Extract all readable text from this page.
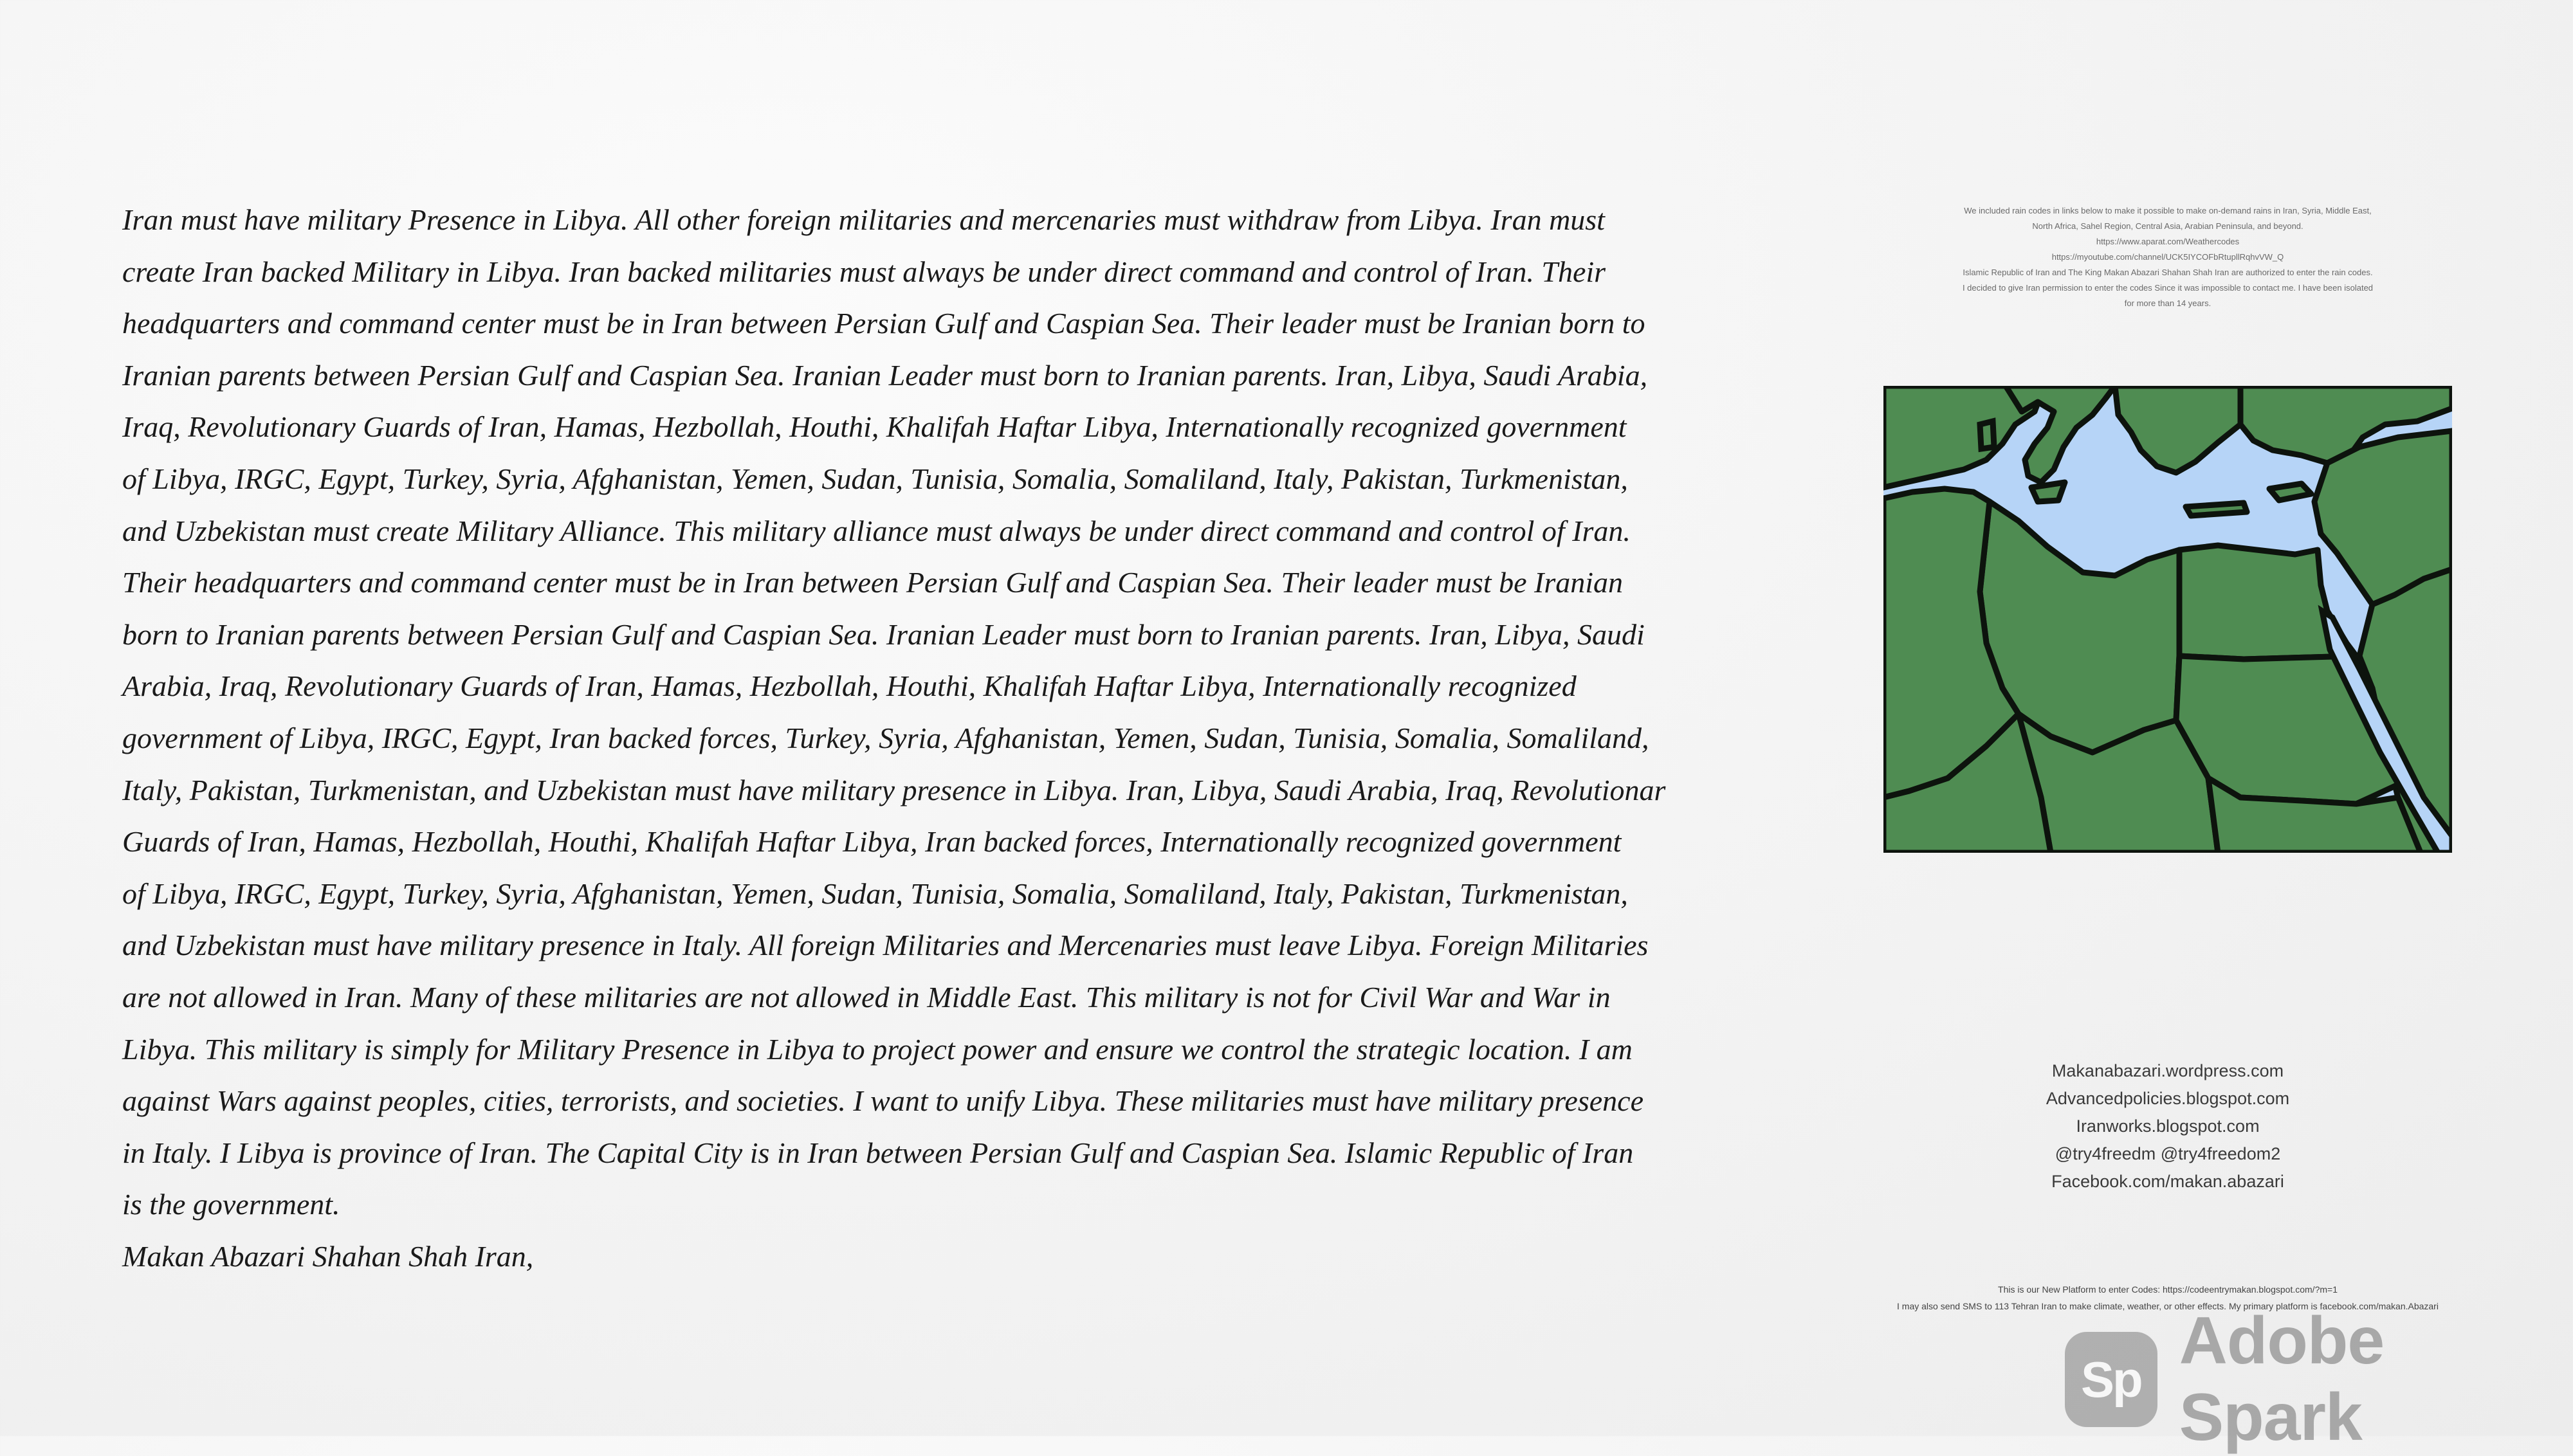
Iran must have military Presence in Libya. All other foreign militaries and mercenaries must withdraw from Libya. Iran must
create Iran backed Military in Libya. Iran backed militaries must always be under direct command and control of Iran. Their
headquarters and command center must be in Iran between Persian Gulf and Caspian Sea. Their leader must be Iranian born to
Iranian parents between Persian Gulf and Caspian Sea. Iranian Leader must born to Iranian parents. Iran, Libya, Saudi Arabia,
Iraq, Revolutionary Guards of Iran, Hamas, Hezbollah, Houthi, Khalifah Haftar Libya, Internationally recognized government
of Libya, IRGC, Egypt, Turkey, Syria, Afghanistan, Yemen, Sudan, Tunisia, Somalia, Somaliland, Italy, Pakistan, Turkmenistan,
and Uzbekistan must create Military Alliance. This military alliance must always be under direct command and control of Iran.
Their headquarters and command center must be in Iran between Persian Gulf and Caspian Sea. Their leader must be Iranian
born to Iranian parents between Persian Gulf and Caspian Sea. Iranian Leader must born to Iranian parents. Iran, Libya, Saudi
Arabia, Iraq, Revolutionary Guards of Iran, Hamas, Hezbollah, Houthi, Khalifah Haftar Libya, Internationally recognized
government of Libya, IRGC, Egypt, Iran backed forces, Turkey, Syria, Afghanistan, Yemen, Sudan, Tunisia, Somalia, Somaliland,
Italy, Pakistan, Turkmenistan, and Uzbekistan must have military presence in Libya. Iran, Libya, Saudi Arabia, Iraq, Revolutionar
Guards of Iran, Hamas, Hezbollah, Houthi, Khalifah Haftar Libya, Iran backed forces, Internationally recognized government
of Libya, IRGC, Egypt, Turkey, Syria, Afghanistan, Yemen, Sudan, Tunisia, Somalia, Somaliland, Italy, Pakistan, Turkmenistan,
and Uzbekistan must have military presence in Italy. All foreign Militaries and Mercenaries must leave Libya. Foreign Militaries
are not allowed in Iran. Many of these militaries are not allowed in Middle East. This military is not for Civil War and War in
Libya. This military is simply for Military Presence in Libya to project power and ensure we control the strategic location. I am
against Wars against peoples, cities, terrorists, and societies. I want to unify Libya. These militaries must have military presence
in Italy. I Libya is province of Iran. The Capital City is in Iran between Persian Gulf and Caspian Sea. Islamic Republic of Iran
is the government.
Makan Abazari Shahan Shah Iran,
We included rain codes in links below to make it possible to make on-demand rains in Iran, Syria, Middle East,
North Africa, Sahel Region, Central Asia, Arabian Peninsula, and beyond.
https://www.aparat.com/Weathercodes
https://myoutube.com/channel/UCK5IYCOFbRtupllRqhvVW_Q
Islamic Republic of Iran and The King Makan Abazari Shahan Shah Iran are authorized to enter the rain codes.
I decided to give Iran permission to enter the codes Since it was impossible to contact me. I have been isolated
for more than 14 years.
Makanabazari.wordpress.com
Advancedpolicies.blogspot.com
Iranworks.blogspot.com
@try4freedm @try4freedom2
Facebook.com/makan.abazari
This is our New Platform to enter Codes: https://codeentrymakan.blogspot.com/?m=1
I may also send SMS to 113 Tehran Iran to make climate, weather, or other effects. My primary platform is facebook.com/makan.Abazari
Sp
Adobe Spark
